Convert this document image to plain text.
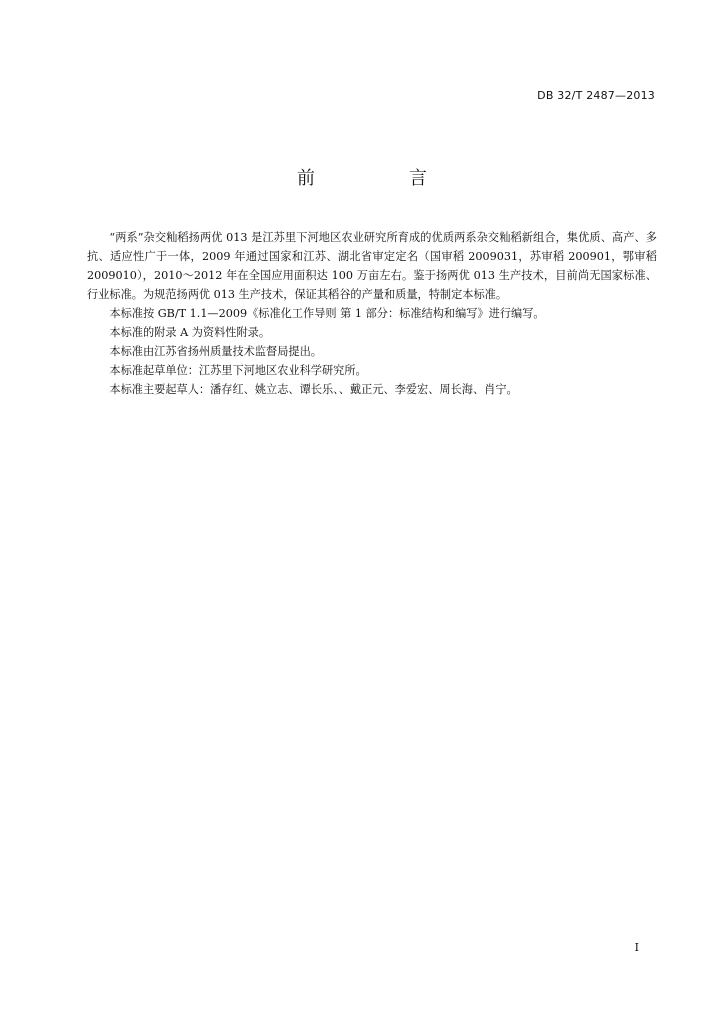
DB 32/T 2487—2013
前　言

“两系”杂交籼稻扬两优 013 是江苏里下河地区农业研究所育成的优质两系杂交籼稻新组合，集优质、高产、多抗、适应性广于一体，2009 年通过国家和江苏、湖北省审定定名（国审稻 2009031，苏审稻 200901，鄂审稻 2009010），2010～2012 年在全国应用面积达 100 万亩左右。鉴于扬两优 013 生产技术，目前尚无国家标准、行业标准。为规范扬两优 013 生产技术，保证其稻谷的产量和质量，特制定本标准。

本标准按 GB/T 1.1—2009《标准化工作导则 第 1 部分：标准结构和编写》进行编写。

本标准的附录 A 为资料性附录。

本标准由江苏省扬州质量技术监督局提出。

本标准起草单位：江苏里下河地区农业科学研究所。

本标准主要起草人：潘存红、姚立志、谭长乐、、戴正元、李爱宏、周长海、肖宁。

I
